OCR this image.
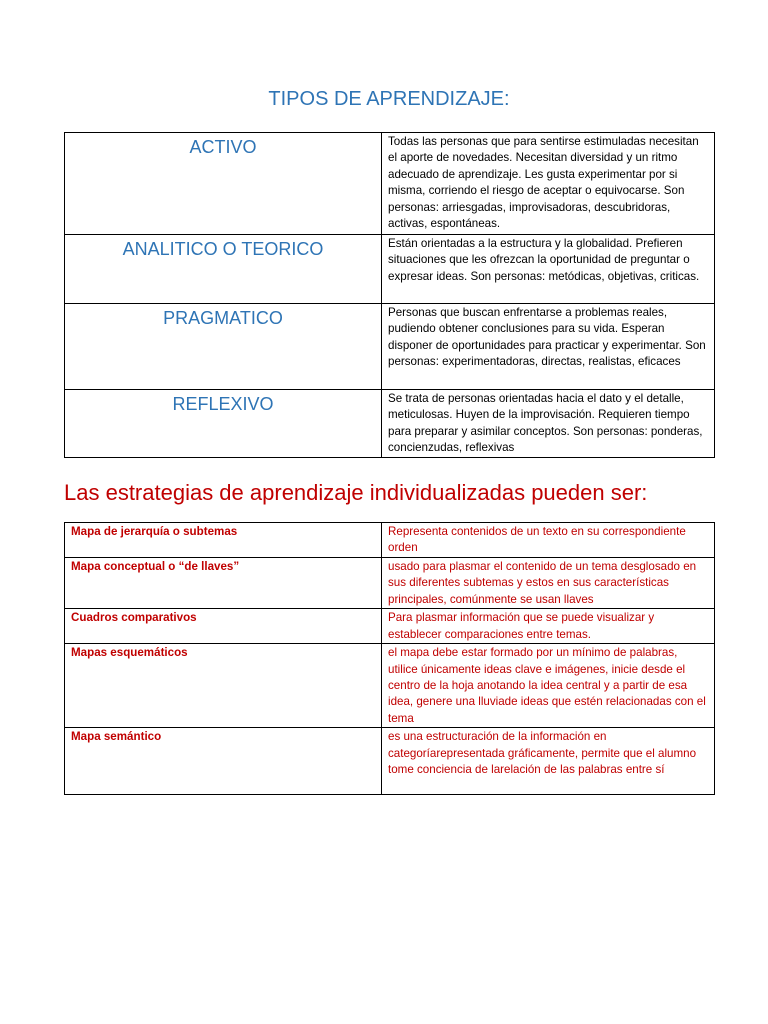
TIPOS DE APRENDIZAJE:
ACTIVO	Todas las personas que para sentirse estimuladas necesitan el aporte de novedades. Necesitan diversidad y un ritmo adecuado de aprendizaje. Les gusta experimentar por si misma, corriendo el riesgo de aceptar o equivocarse. Son personas: arriesgadas, improvisadoras, descubridoras, activas, espontáneas.
ANALITICO O TEORICO	Están orientadas a la estructura y la globalidad. Prefieren situaciones que les ofrezcan la oportunidad de preguntar o expresar ideas. Son personas: metódicas, objetivas, criticas.
PRAGMATICO	Personas que buscan enfrentarse a problemas reales, pudiendo obtener conclusiones para su vida. Esperan disponer de oportunidades para practicar y experimentar. Son personas: experimentadoras, directas, realistas, eficaces
REFLEXIVO	Se trata de personas orientadas hacia el dato y el detalle, meticulosas. Huyen de la improvisación. Requieren tiempo para preparar y asimilar conceptos. Son personas: ponderas, concienzudas, reflexivas
Las estrategias de aprendizaje individualizadas pueden ser:
Mapa de jerarquía o subtemas	Representa contenidos de un texto en su correspondiente orden
Mapa conceptual o “de llaves”	usado para plasmar el contenido de un tema desglosado en sus diferentes subtemas y estos en sus características principales, comúnmente se usan llaves
Cuadros comparativos	Para plasmar información que se puede visualizar y establecer comparaciones entre temas.
Mapas esquemáticos	el mapa debe estar formado por un mínimo de palabras, utilice únicamente ideas clave e imágenes, inicie desde el centro de la hoja anotando la idea central y a partir de esa idea, genere una lluviade ideas que estén relacionadas con el tema
Mapa semántico	es una estructuración de la información en categoríarepresentada gráficamente, permite que el alumno tome conciencia de larelación de las palabras entre sí
